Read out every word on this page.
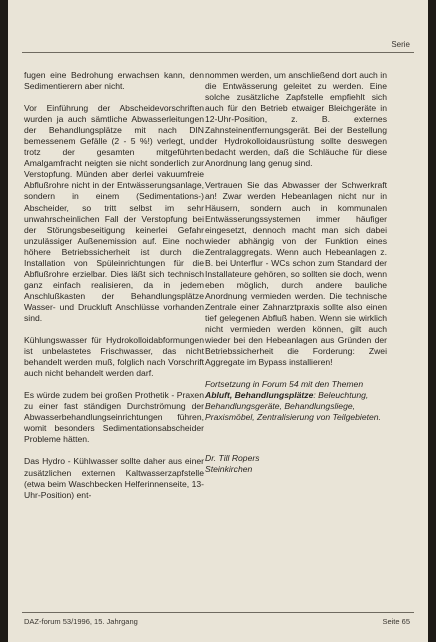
Serie

fugen eine Bedrohung erwachsen kann, den Sedimentierern aber nicht.

Vor Einführung der Abscheidevorschriften wurden ja auch sämtliche Abwasserleitungen der Behandlungsplätze mit nach DIN bemessenem Gefälle (2 - 5 %!) verlegt, und trotz der gesamten mitgeführten Amalgamfracht neigten sie nicht sonderlich zur Verstopfung. Münden aber derlei vakuumfreie Abflußrohre nicht in der Entwässerungsanlage, sondern in einem (Sedimentations-) Abscheider, so tritt selbst im sehr unwahrscheinlichen Fall der Verstopfung bei der Störungsbeseitigung keinerlei Gefahr unzulässiger Außenemission auf. Eine noch höhere Betriebssicherheit ist durch die Installation von Spüleinrichtungen für die Abflußrohre erzielbar. Dies läßt sich technisch ganz einfach realisieren, da in jedem Anschlußkasten der Behandlungsplätze Wasser- und Druckluft Anschlüsse vorhanden sind.

Kühlungswasser für Hydrokolloidabformungen ist unbelastetes Frischwasser, das nicht behandelt werden muß, folglich nach Vorschrift auch nicht behandelt werden darf.

Es würde zudem bei großen Prothetik - Praxen zu einer fast ständigen Durchströmung der Abwasserbehandlungseinrichtungen führen, womit besonders Sedimentationsabscheider Probleme hätten.

Das Hydro - Kühlwasser sollte daher aus einer zusätzlichen externen Kaltwasserzapfstelle (etwa beim Waschbecken Helferinnenseite, 13-Uhr-Position) ent-

nommen werden, um anschließend dort auch in die Entwässerung geleitet zu werden. Eine solche zusätzliche Zapfstelle empfiehlt sich auch für den Betrieb etwaiger Bleichgeräte in 12-Uhr-Position, z. B. externes Zahnsteinentfernungsgerät. Bei der Bestellung der Hydrokolloidausrüstung sollte deswegen bedacht werden, daß die Schläuche für diese Anordnung lang genug sind.

Vertrauen Sie das Abwasser der Schwerkraft an! Zwar werden Hebeanlagen nicht nur in Häusern, sondern auch in kommunalen Entwässerungssystemen immer häufiger eingesetzt, dennoch macht man sich dabei wieder abhängig von der Funktion eines Zentralaggregats. Wenn auch Hebeanlagen z. B. bei Unterflur - WCs schon zum Standard der Installateure gehören, so sollten sie doch, wenn eben möglich, durch andere bauliche Anordnung vermieden werden. Die technische Zentrale einer Zahnarztpraxis sollte also einen tief gelegenen Abfluß haben. Wenn sie wirklich nicht vermieden werden können, gilt auch wieder bei den Hebeanlagen aus Gründen der Betriebssicherheit die Forderung: Zwei Aggregate im Bypass installieren!

Fortsetzung in Forum 54 mit den Themen Abluft, Behandlungsplätze: Beleuchtung, Behandlungsgeräte, Behandlungsliege, Praxismöbel, Zentralisierung von Teilgebieten.

Dr. Till Ropers
Steinkirchen

DAZ-forum 53/1996, 15. Jahrgang	Seite 65
